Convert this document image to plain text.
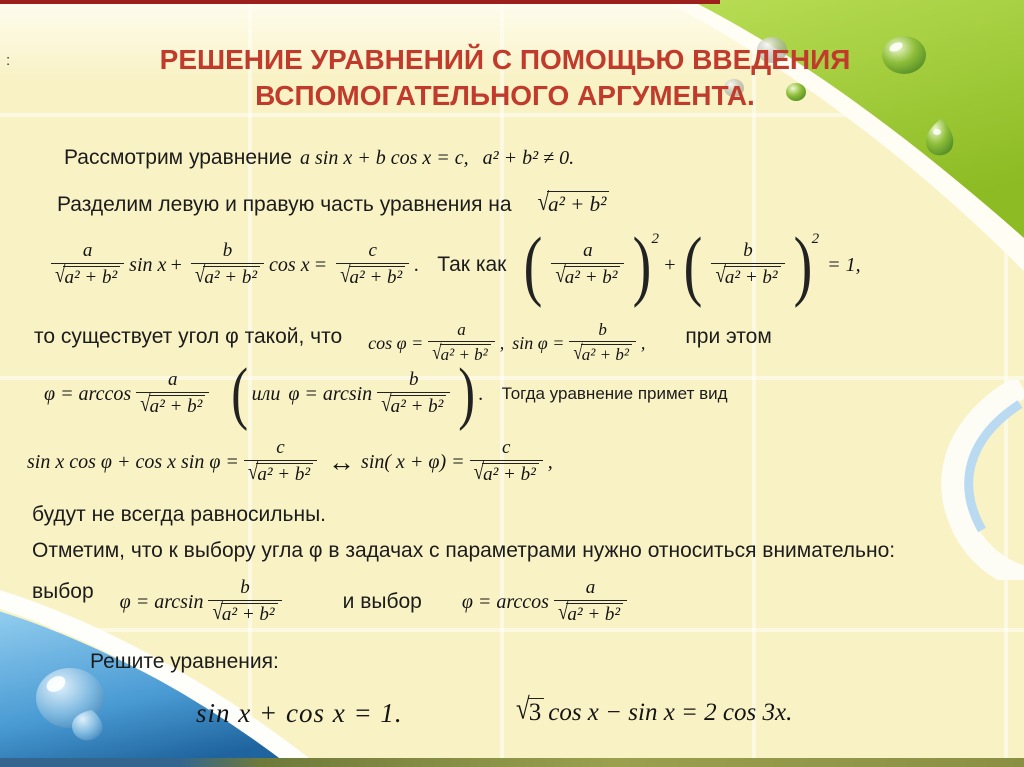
:	РЕШЕНИЕ УРАВНЕНИЙ С ПОМОЩЬЮ ВВЕДЕНИЯ
ВСПОМОГАТЕЛЬНОГО АРГУМЕНТА.
Рассмотрим уравнение a sin x + b cos x = c, a² + b² ≠ 0.
Разделим левую и правую часть уравнения на √a² + b²
$\frac{a}{\text{√a² + b²}}$ $\sin x + \frac{b}{\text{√a² + b²}}$ $\cos x = \frac{c}{\text{√a² + b²}}$ . Так как ( $\frac{a}{\text{√a² + b²}}$ ) 2
+ ( $\frac{b}{\text{√a² + b²}}$ ) 2
= 1,
то существует угол φ такой, что $\cos \varphi = \frac{a}{\text{√a² + b²}}$ , $\sin \varphi = \frac{b}{\text{√a² + b²}}$ , при этом
$\varphi = \arccos \frac{a}{\text{√a² + b²}}$ ( или $\varphi = \arcsin \frac{b}{\text{√a² + b²}}$ ) . Тогда уравнение примет вид
sin x cos φ + cos x $\sin \varphi = \frac{c}{\text{√a² + b²}}$ ↔ sin( $x + \varphi) = \frac{c}{\text{√a² + b²}}$ ,
будут не всегда равносильны.
Отметим, что к выбору угла φ в задачах с параметрами нужно относиться внимательно:
выбор $\varphi = \arcsin \frac{b}{\text{√a² + b²}}$	и выбор $\varphi = \arccos \frac{a}{\text{√a² + b²}}$
Решите уравнения:
sin x + cos x = 1.	√3 cos x − sin x = 2 cos 3x.
